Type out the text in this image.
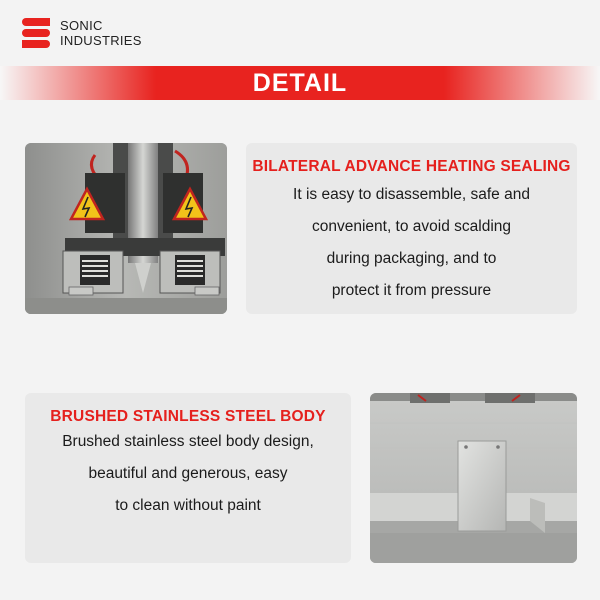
SONIC
INDUSTRIES
DETAIL
BILATERAL ADVANCE HEATING SEALING
It is easy to disassemble, safe and
convenient, to avoid scalding
during packaging, and to
protect it from pressure
BRUSHED STAINLESS STEEL BODY
Brushed stainless steel body design,
beautiful and generous, easy
to clean without paint
